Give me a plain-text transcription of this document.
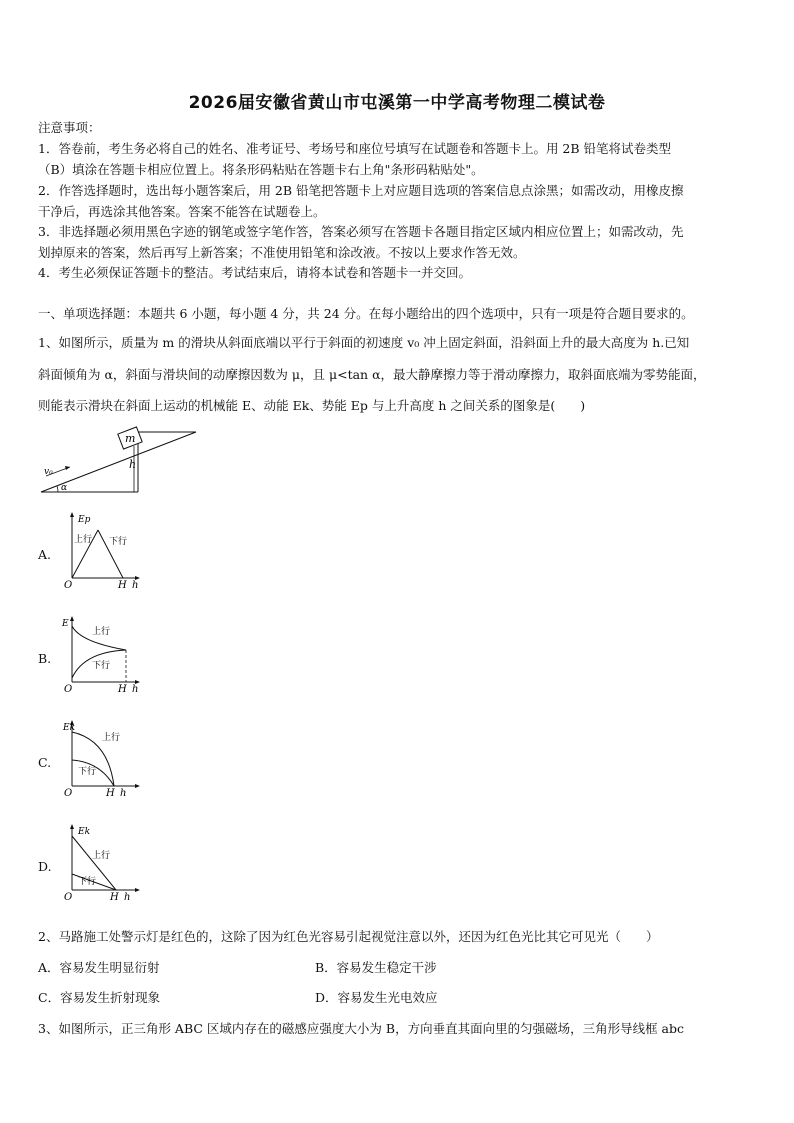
2026届安徽省黄山市屯溪第一中学高考物理二模试卷
注意事项：
1．答卷前，考生务必将自己的姓名、准考证号、考场号和座位号填写在试题卷和答题卡上。用 2B 铅笔将试卷类型
（B）填涂在答题卡相应位置上。将条形码粘贴在答题卡右上角"条形码粘贴处"。
2．作答选择题时，选出每小题答案后，用 2B 铅笔把答题卡上对应题目选项的答案信息点涂黑；如需改动，用橡皮擦
干净后，再选涂其他答案。答案不能答在试题卷上。
3．非选择题必须用黑色字迹的钢笔或签字笔作答，答案必须写在答题卡各题目指定区域内相应位置上；如需改动，先
划掉原来的答案，然后再写上新答案；不准使用铅笔和涂改液。不按以上要求作答无效。
4．考生必须保证答题卡的整洁。考试结束后，请将本试卷和答题卡一并交回。
一、单项选择题：本题共 6 小题，每小题 4 分，共 24 分。在每小题给出的四个选项中，只有一项是符合题目要求的。
1、如图所示，质量为 m 的滑块从斜面底端以平行于斜面的初速度 v₀ 冲上固定斜面，沿斜面上升的最大高度为 h.已知
斜面倾角为 α，斜面与滑块间的动摩擦因数为 μ，且 μ<tan α，最大静摩擦力等于滑动摩擦力，取斜面底端为零势能面，
则能表示滑块在斜面上运动的机械能 E、动能 Ek、势能 Ep 与上升高度 h 之间关系的图象是(　　)
m
h
v₀
α
A.
Ep
上行 下行
O	H h
B.
E
上行
下行
O	H h
C.
Ek
上行
下行
O	H h
D.
Ek
上行
下行
O	H h
2、马路施工处警示灯是红色的，这除了因为红色光容易引起视觉注意以外，还因为红色光比其它可见光（　　）
A．容易发生明显衍射	B．容易发生稳定干涉
C．容易发生折射现象	D．容易发生光电效应
3、如图所示，正三角形 ABC 区域内存在的磁感应强度大小为 B，方向垂直其面向里的匀强磁场，三角形导线框 abc
